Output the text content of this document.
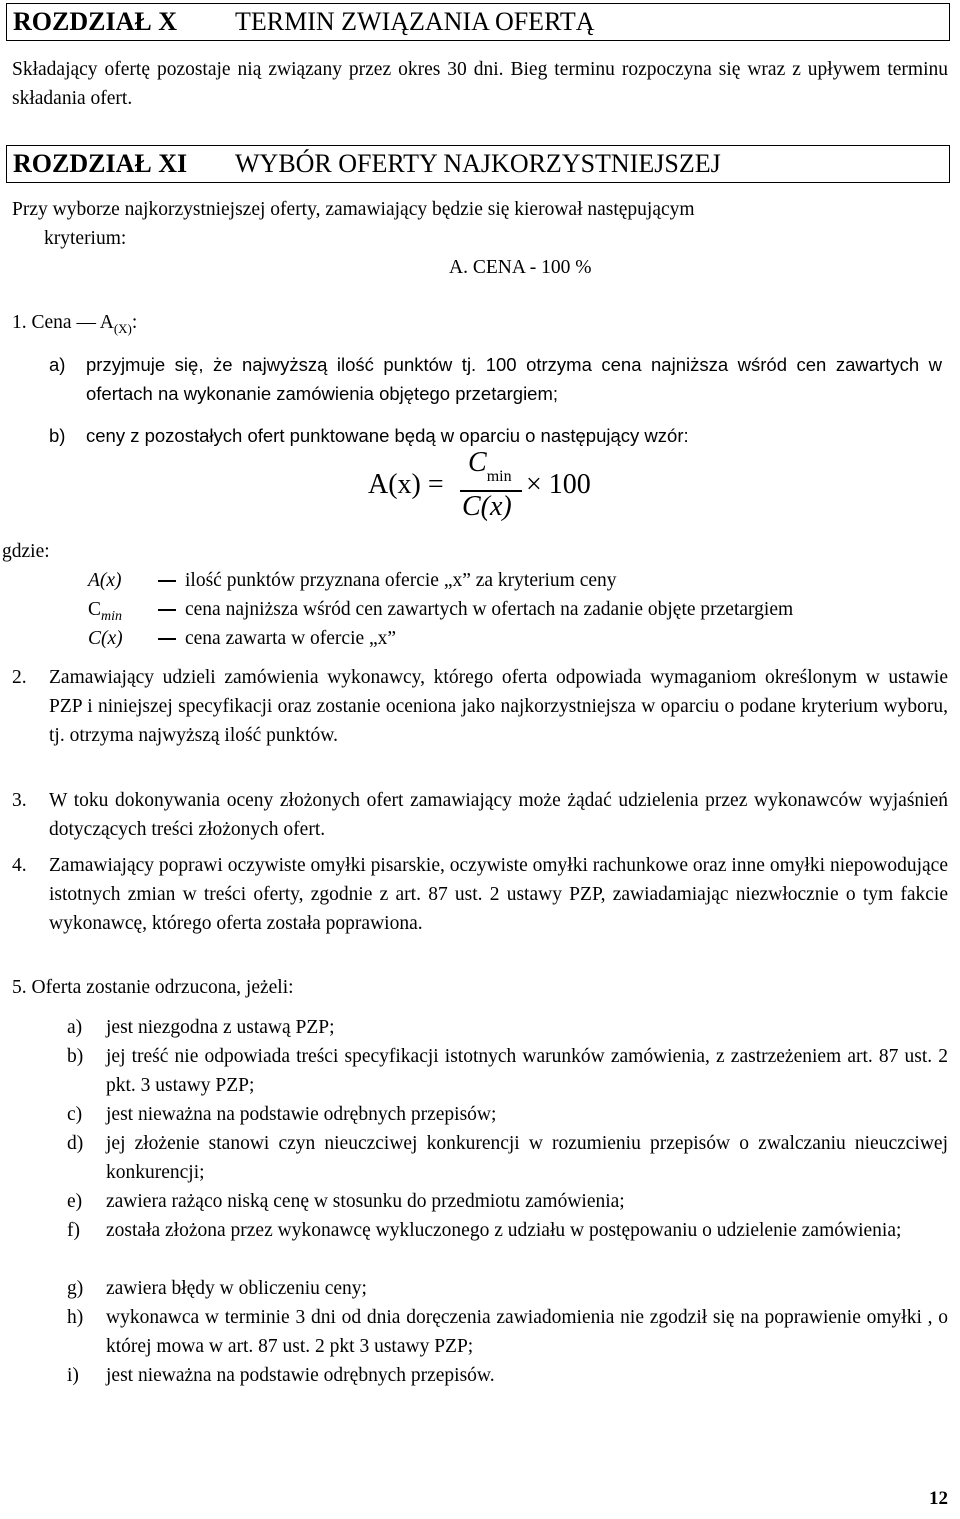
ROZDZIAŁ X TERMIN ZWIĄZANIA OFERTĄ
Składający ofertę pozostaje nią związany przez okres 30 dni. Bieg terminu rozpoczyna się wraz z upływem terminu składania ofert.
ROZDZIAŁ XI WYBÓR OFERTY NAJKORZYSTNIEJSZEJ
Przy wyborze najkorzystniejszej oferty, zamawiający będzie się kierował następującym
kryterium:
A. CENA - 100 %
1. Cena — $A_{(X)}$:
a) przyjmuje się, że najwyższą ilość punktów tj. 100 otrzyma cena najniższa wśród cen zawartych w ofertach na wykonanie zamówienia objętego przetargiem;
b) ceny z pozostałych ofert punktowane będą w oparciu o następujący wzór:
A(x) =
$C_{min}$
C(x)
× 100
gdzie:
A(x)	ilość punktów przyznana ofercie „x” za kryterium ceny
$C_{min}$	cena najniższa wśród cen zawartych w ofertach na zadanie objęte przetargiem
C(x)	cena zawarta w ofercie „x”
2. Zamawiający udzieli zamówienia wykonawcy, którego oferta odpowiada wymaganiom określonym w ustawie PZP i niniejszej specyfikacji oraz zostanie oceniona jako najkorzystniejsza w oparciu o podane kryterium wyboru, tj. otrzyma najwyższą ilość punktów.
3. W toku dokonywania oceny złożonych ofert zamawiający może żądać udzielenia przez wykonawców wyjaśnień dotyczących treści złożonych ofert.
4. Zamawiający poprawi oczywiste omyłki pisarskie, oczywiste omyłki rachunkowe oraz inne omyłki niepowodujące istotnych zmian w treści oferty, zgodnie z art. 87 ust. 2 ustawy PZP, zawiadamiając niezwłocznie o tym fakcie wykonawcę, którego oferta została poprawiona.
5. Oferta zostanie odrzucona, jeżeli:
a) jest niezgodna z ustawą PZP;
b) jej treść nie odpowiada treści specyfikacji istotnych warunków zamówienia, z zastrzeżeniem art. 87 ust. 2 pkt. 3 ustawy PZP;
c) jest nieważna na podstawie odrębnych przepisów;
d) jej złożenie stanowi czyn nieuczciwej konkurencji w rozumieniu przepisów o zwalczaniu nieuczciwej konkurencji;
e) zawiera rażąco niską cenę w stosunku do przedmiotu zamówienia;
f) została złożona przez wykonawcę wykluczonego z udziału w postępowaniu o udzielenie zamówienia;
g) zawiera błędy w obliczeniu ceny;
h) wykonawca w terminie 3 dni od dnia doręczenia zawiadomienia nie zgodził się na poprawienie omyłki , o której mowa w art. 87 ust. 2 pkt 3 ustawy PZP;
i) jest nieważna na podstawie odrębnych przepisów.
12
